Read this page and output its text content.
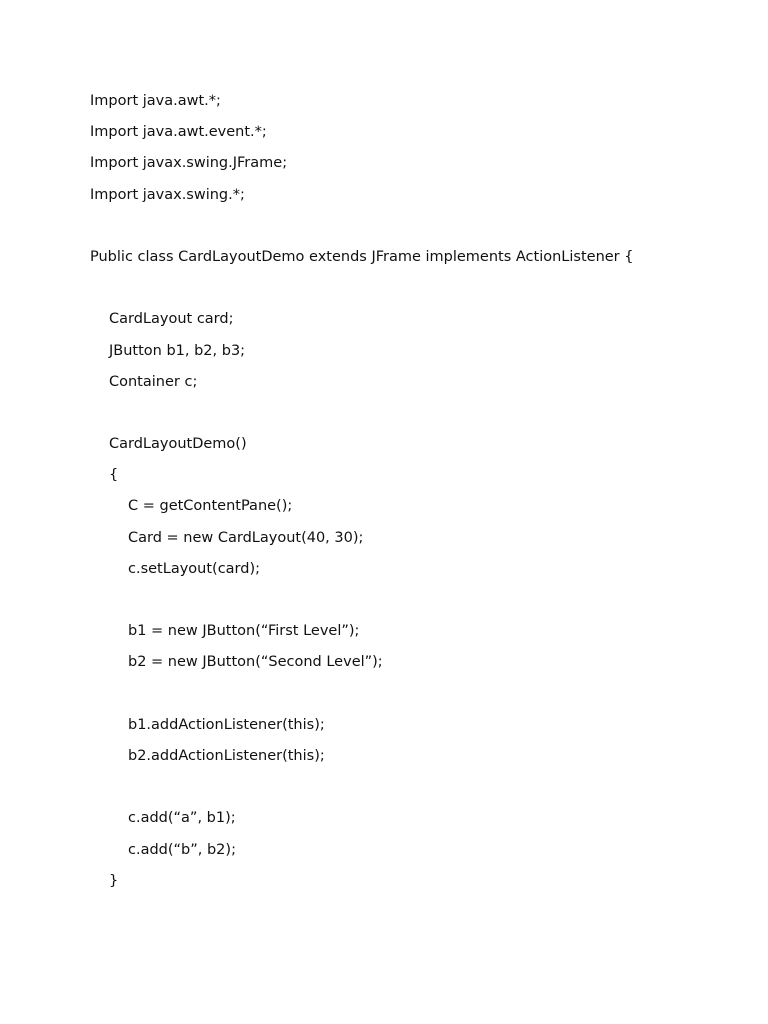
Import java.awt.*;
Import java.awt.event.*;
Import javax.swing.JFrame;
Import javax.swing.*;
Public class CardLayoutDemo extends JFrame implements ActionListener {
CardLayout card;
JButton b1, b2, b3;
Container c;
CardLayoutDemo()
{
C = getContentPane();
Card = new CardLayout(40, 30);
c.setLayout(card);
b1 = new JButton(“First Level”);
b2 = new JButton(“Second Level”);
b1.addActionListener(this);
b2.addActionListener(this);
c.add(“a”, b1);
c.add(“b”, b2);
}
